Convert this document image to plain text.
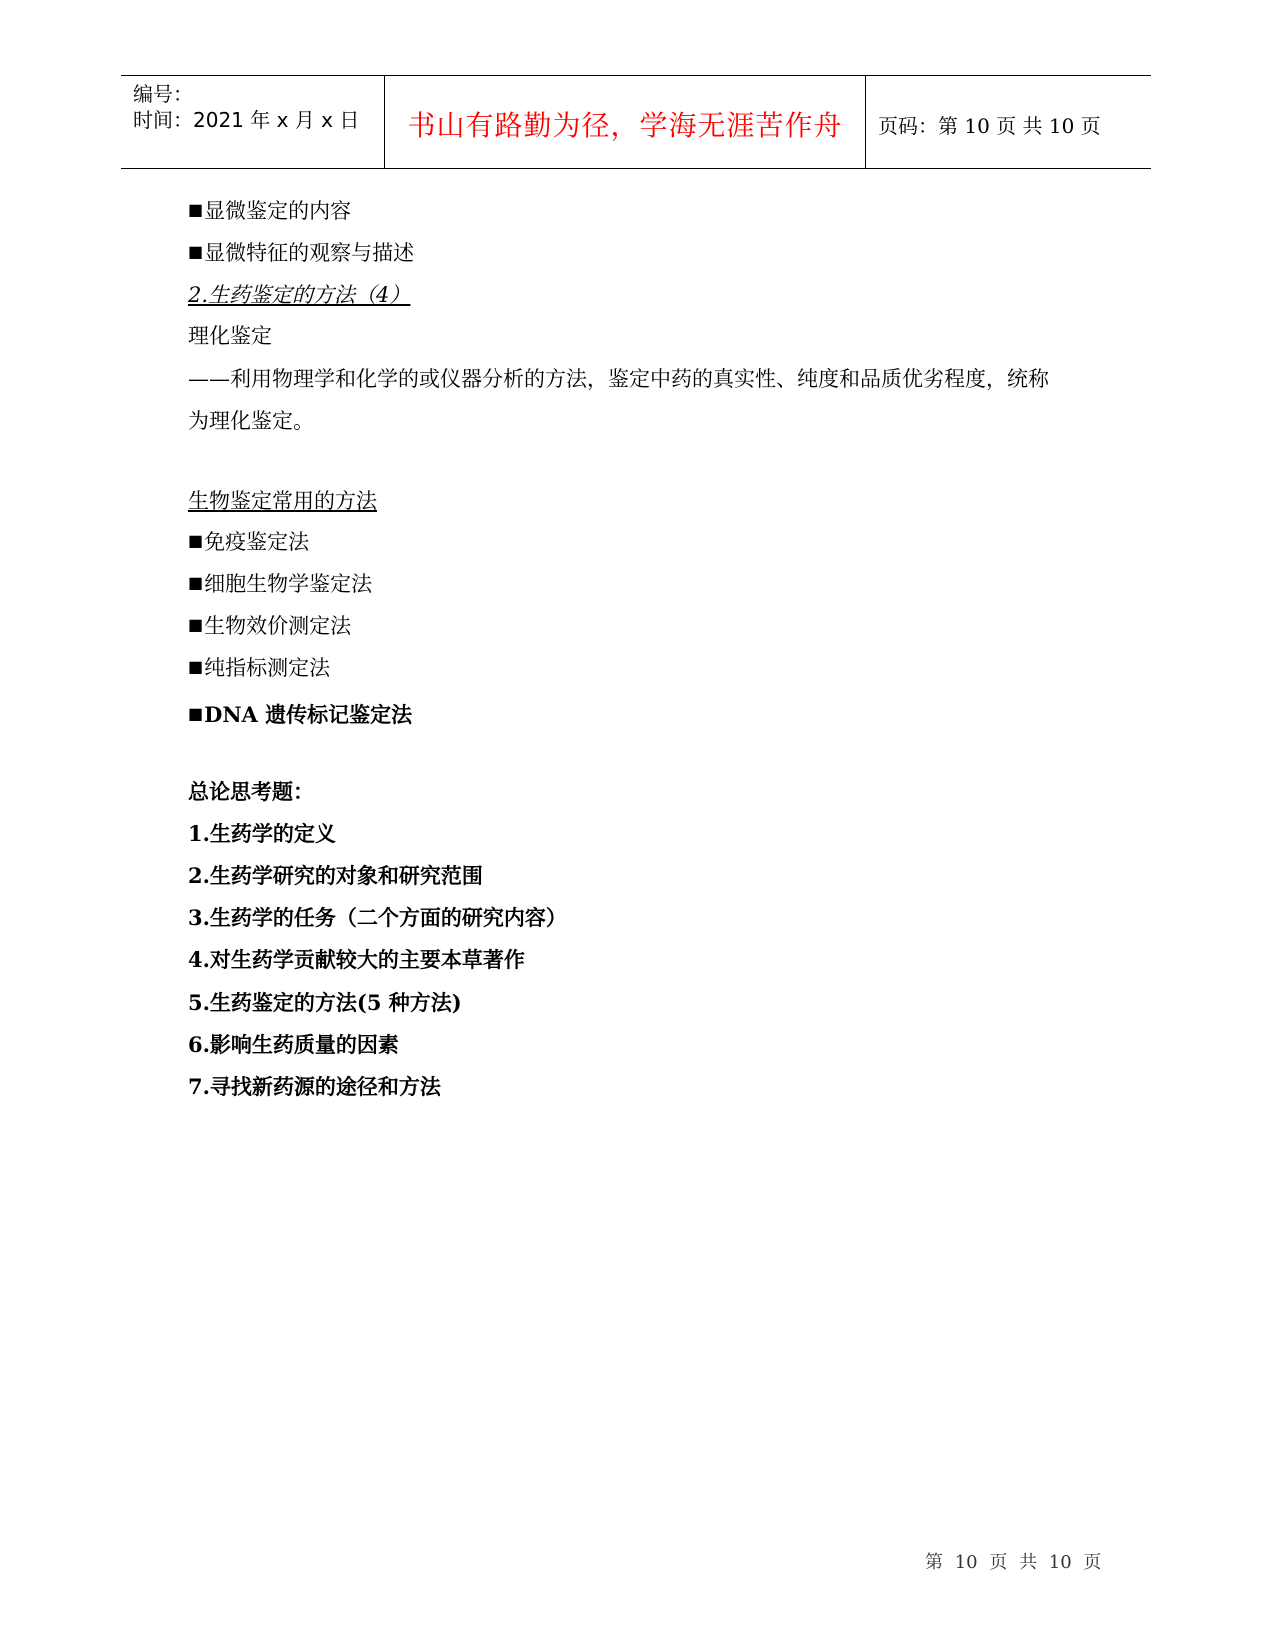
编号：
时间：2021 年 x 月 x 日	书山有路勤为径，学海无涯苦作舟	页码：第 10 页 共 10 页
■显微鉴定的内容
■显微特征的观察与描述
2.生药鉴定的方法（4）
理化鉴定
——利用物理学和化学的或仪器分析的方法，鉴定中药的真实性、纯度和品质优劣程度，统称
为理化鉴定。
生物鉴定常用的方法
■免疫鉴定法
■细胞生物学鉴定法
■生物效价测定法
■纯指标测定法
■DNA 遗传标记鉴定法
总论思考题：
1.生药学的定义
2.生药学研究的对象和研究范围
3.生药学的任务（二个方面的研究内容）
4.对生药学贡献较大的主要本草著作
5.生药鉴定的方法(5 种方法)
6.影响生药质量的因素
7.寻找新药源的途径和方法
第 10 页 共 10 页
